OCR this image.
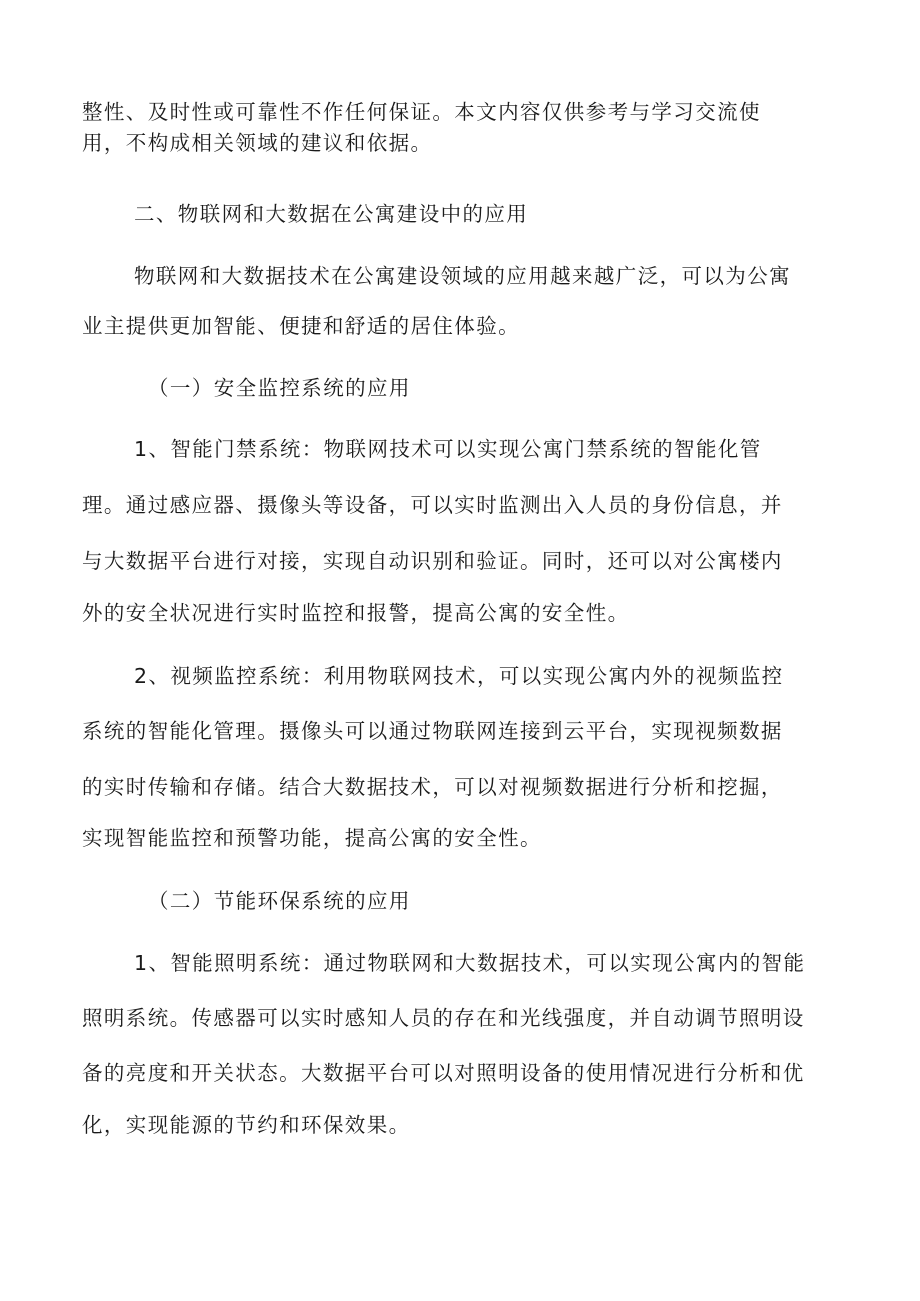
整性、及时性或可靠性不作任何保证。本文内容仅供参考与学习交流使
用，不构成相关领域的建议和依据。
二、物联网和大数据在公寓建设中的应用
物联网和大数据技术在公寓建设领域的应用越来越广泛，可以为公寓
业主提供更加智能、便捷和舒适的居住体验。
（一）安全监控系统的应用
1、智能门禁系统：物联网技术可以实现公寓门禁系统的智能化管
理。通过感应器、摄像头等设备，可以实时监测出入人员的身份信息，并
与大数据平台进行对接，实现自动识别和验证。同时，还可以对公寓楼内
外的安全状况进行实时监控和报警，提高公寓的安全性。
2、视频监控系统：利用物联网技术，可以实现公寓内外的视频监控
系统的智能化管理。摄像头可以通过物联网连接到云平台，实现视频数据
的实时传输和存储。结合大数据技术，可以对视频数据进行分析和挖掘，
实现智能监控和预警功能，提高公寓的安全性。
（二）节能环保系统的应用
1、智能照明系统：通过物联网和大数据技术，可以实现公寓内的智能
照明系统。传感器可以实时感知人员的存在和光线强度，并自动调节照明设
备的亮度和开关状态。大数据平台可以对照明设备的使用情况进行分析和优
化，实现能源的节约和环保效果。
